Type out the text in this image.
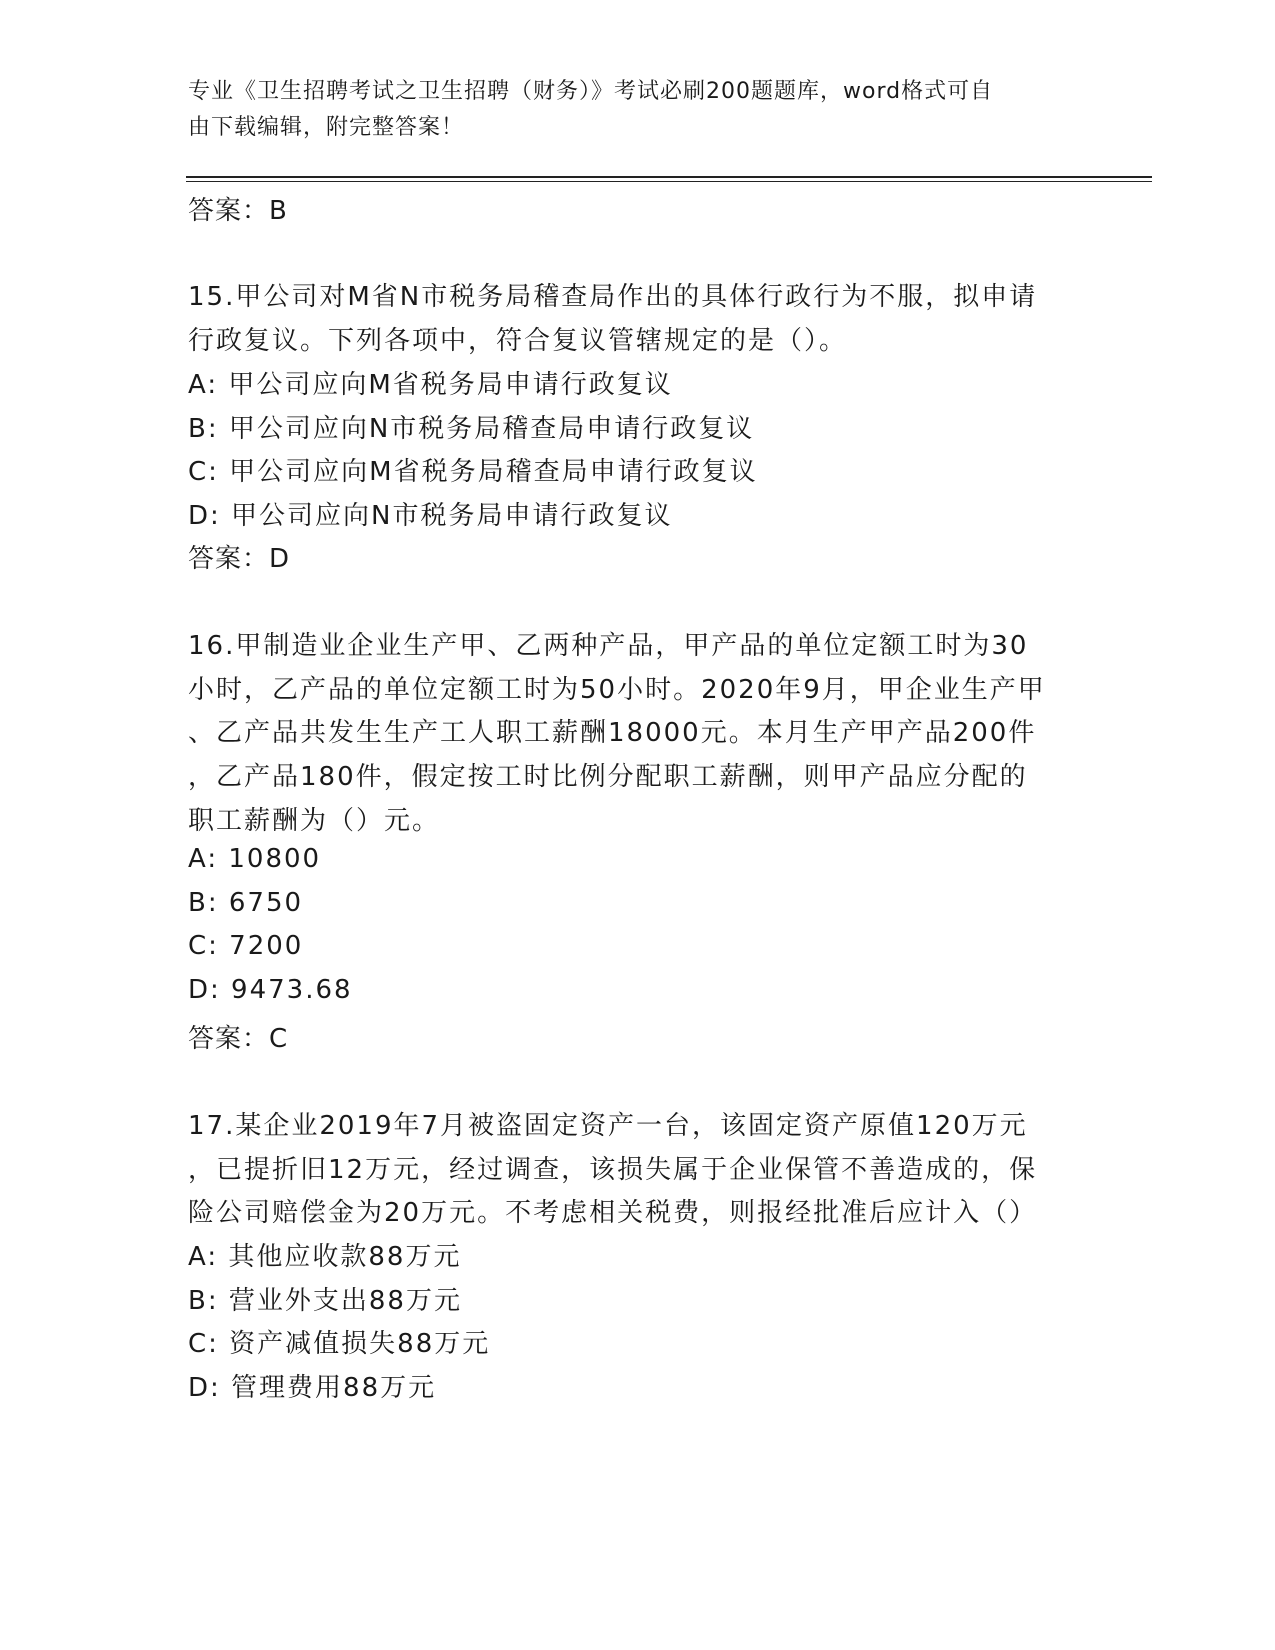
专业《卫生招聘考试之卫生招聘（财务）》考试必刷200题题库，word格式可自
由下载编辑，附完整答案！
答案：B
15.甲公司对M省N市税务局稽查局作出的具体行政行为不服，拟申请
行政复议。下列各项中，符合复议管辖规定的是（）。
A: 甲公司应向M省税务局申请行政复议
B: 甲公司应向N市税务局稽查局申请行政复议
C: 甲公司应向M省税务局稽查局申请行政复议
D: 甲公司应向N市税务局申请行政复议
答案：D
16.甲制造业企业生产甲、乙两种产品，甲产品的单位定额工时为30
小时，乙产品的单位定额工时为50小时。2020年9月，甲企业生产甲
、乙产品共发生生产工人职工薪酬18000元。本月生产甲产品200件
，乙产品180件，假定按工时比例分配职工薪酬，则甲产品应分配的
职工薪酬为（）元。
A: 10800
B: 6750
C: 7200
D: 9473.68
答案：C
17.某企业2019年7月被盗固定资产一台，该固定资产原值120万元
，已提折旧12万元，经过调查，该损失属于企业保管不善造成的，保
险公司赔偿金为20万元。不考虑相关税费，则报经批准后应计入（）
A: 其他应收款88万元
B: 营业外支出88万元
C: 资产减值损失88万元
D: 管理费用88万元
